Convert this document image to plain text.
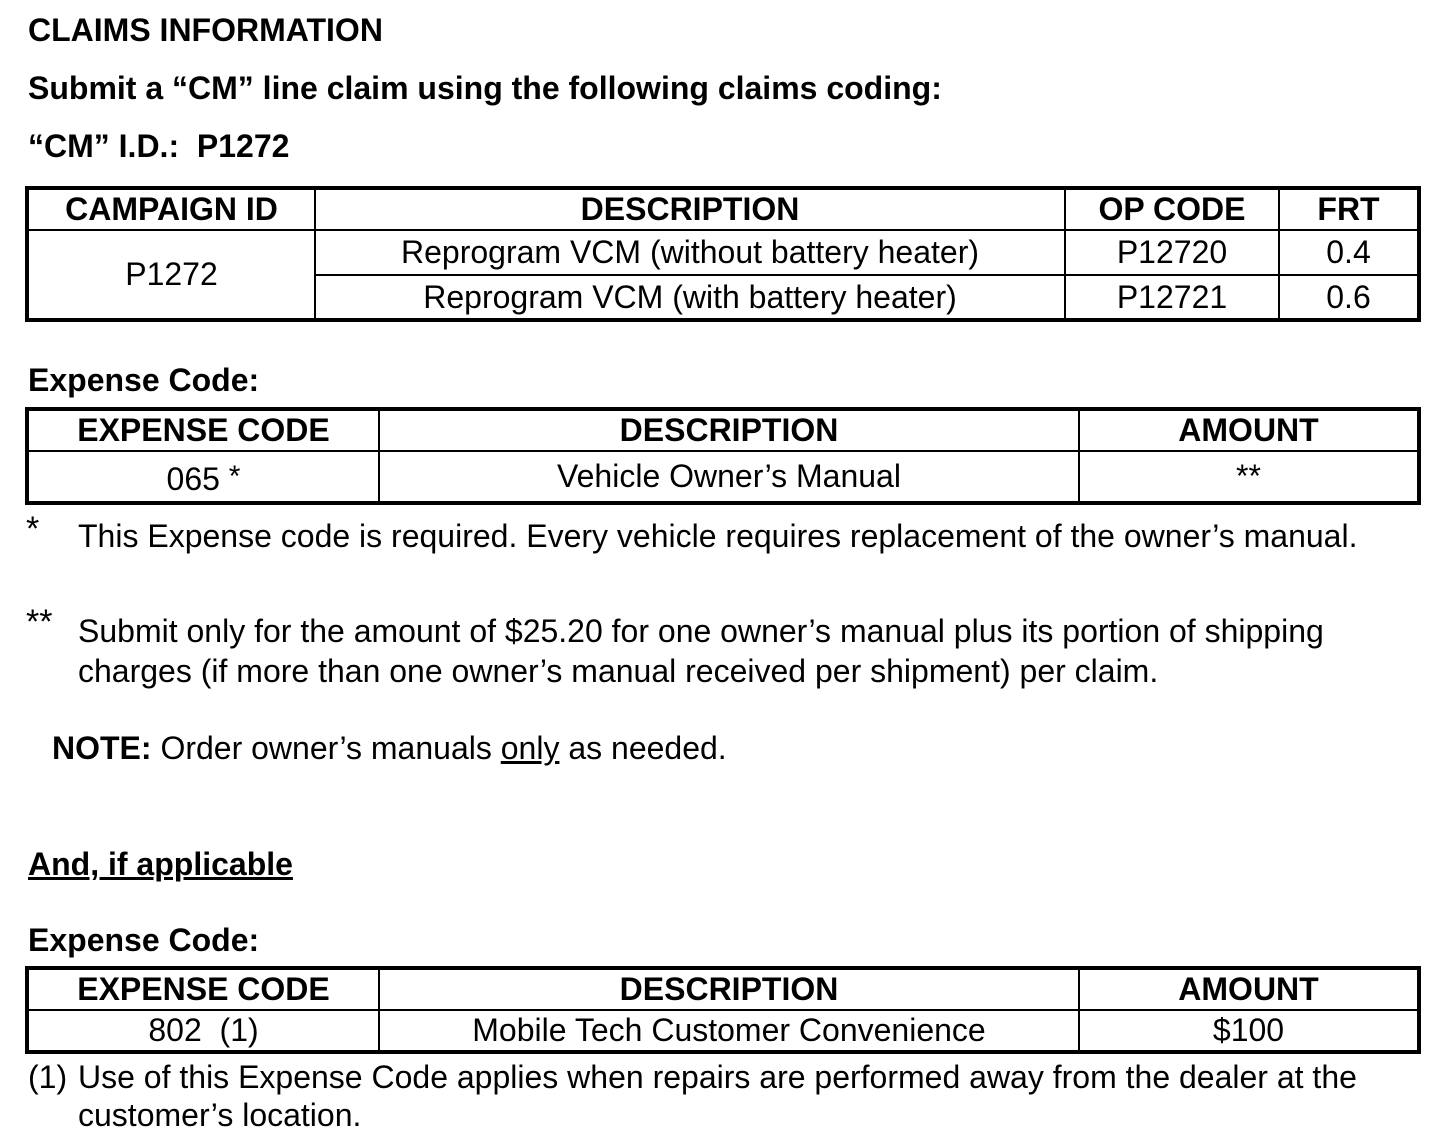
CLAIMS INFORMATION
Submit a “CM” line claim using the following claims coding:
“CM” I.D.: P1272
CAMPAIGN ID	DESCRIPTION	OP CODE	FRT
P1272	Reprogram VCM (without battery heater)	P12720	0.4
	Reprogram VCM (with battery heater)	P12721	0.6
Expense Code:
EXPENSE CODE	DESCRIPTION	AMOUNT
065 *	Vehicle Owner’s Manual	**
* This Expense code is required. Every vehicle requires replacement of the owner’s manual.
** Submit only for the amount of $25.20 for one owner’s manual plus its portion of shipping charges (if more than one owner’s manual received per shipment) per claim.
NOTE: Order owner’s manuals only as needed.
And, if applicable
Expense Code:
EXPENSE CODE	DESCRIPTION	AMOUNT
802  (1)	Mobile Tech Customer Convenience	$100
(1) Use of this Expense Code applies when repairs are performed away from the dealer at the customer’s location.
